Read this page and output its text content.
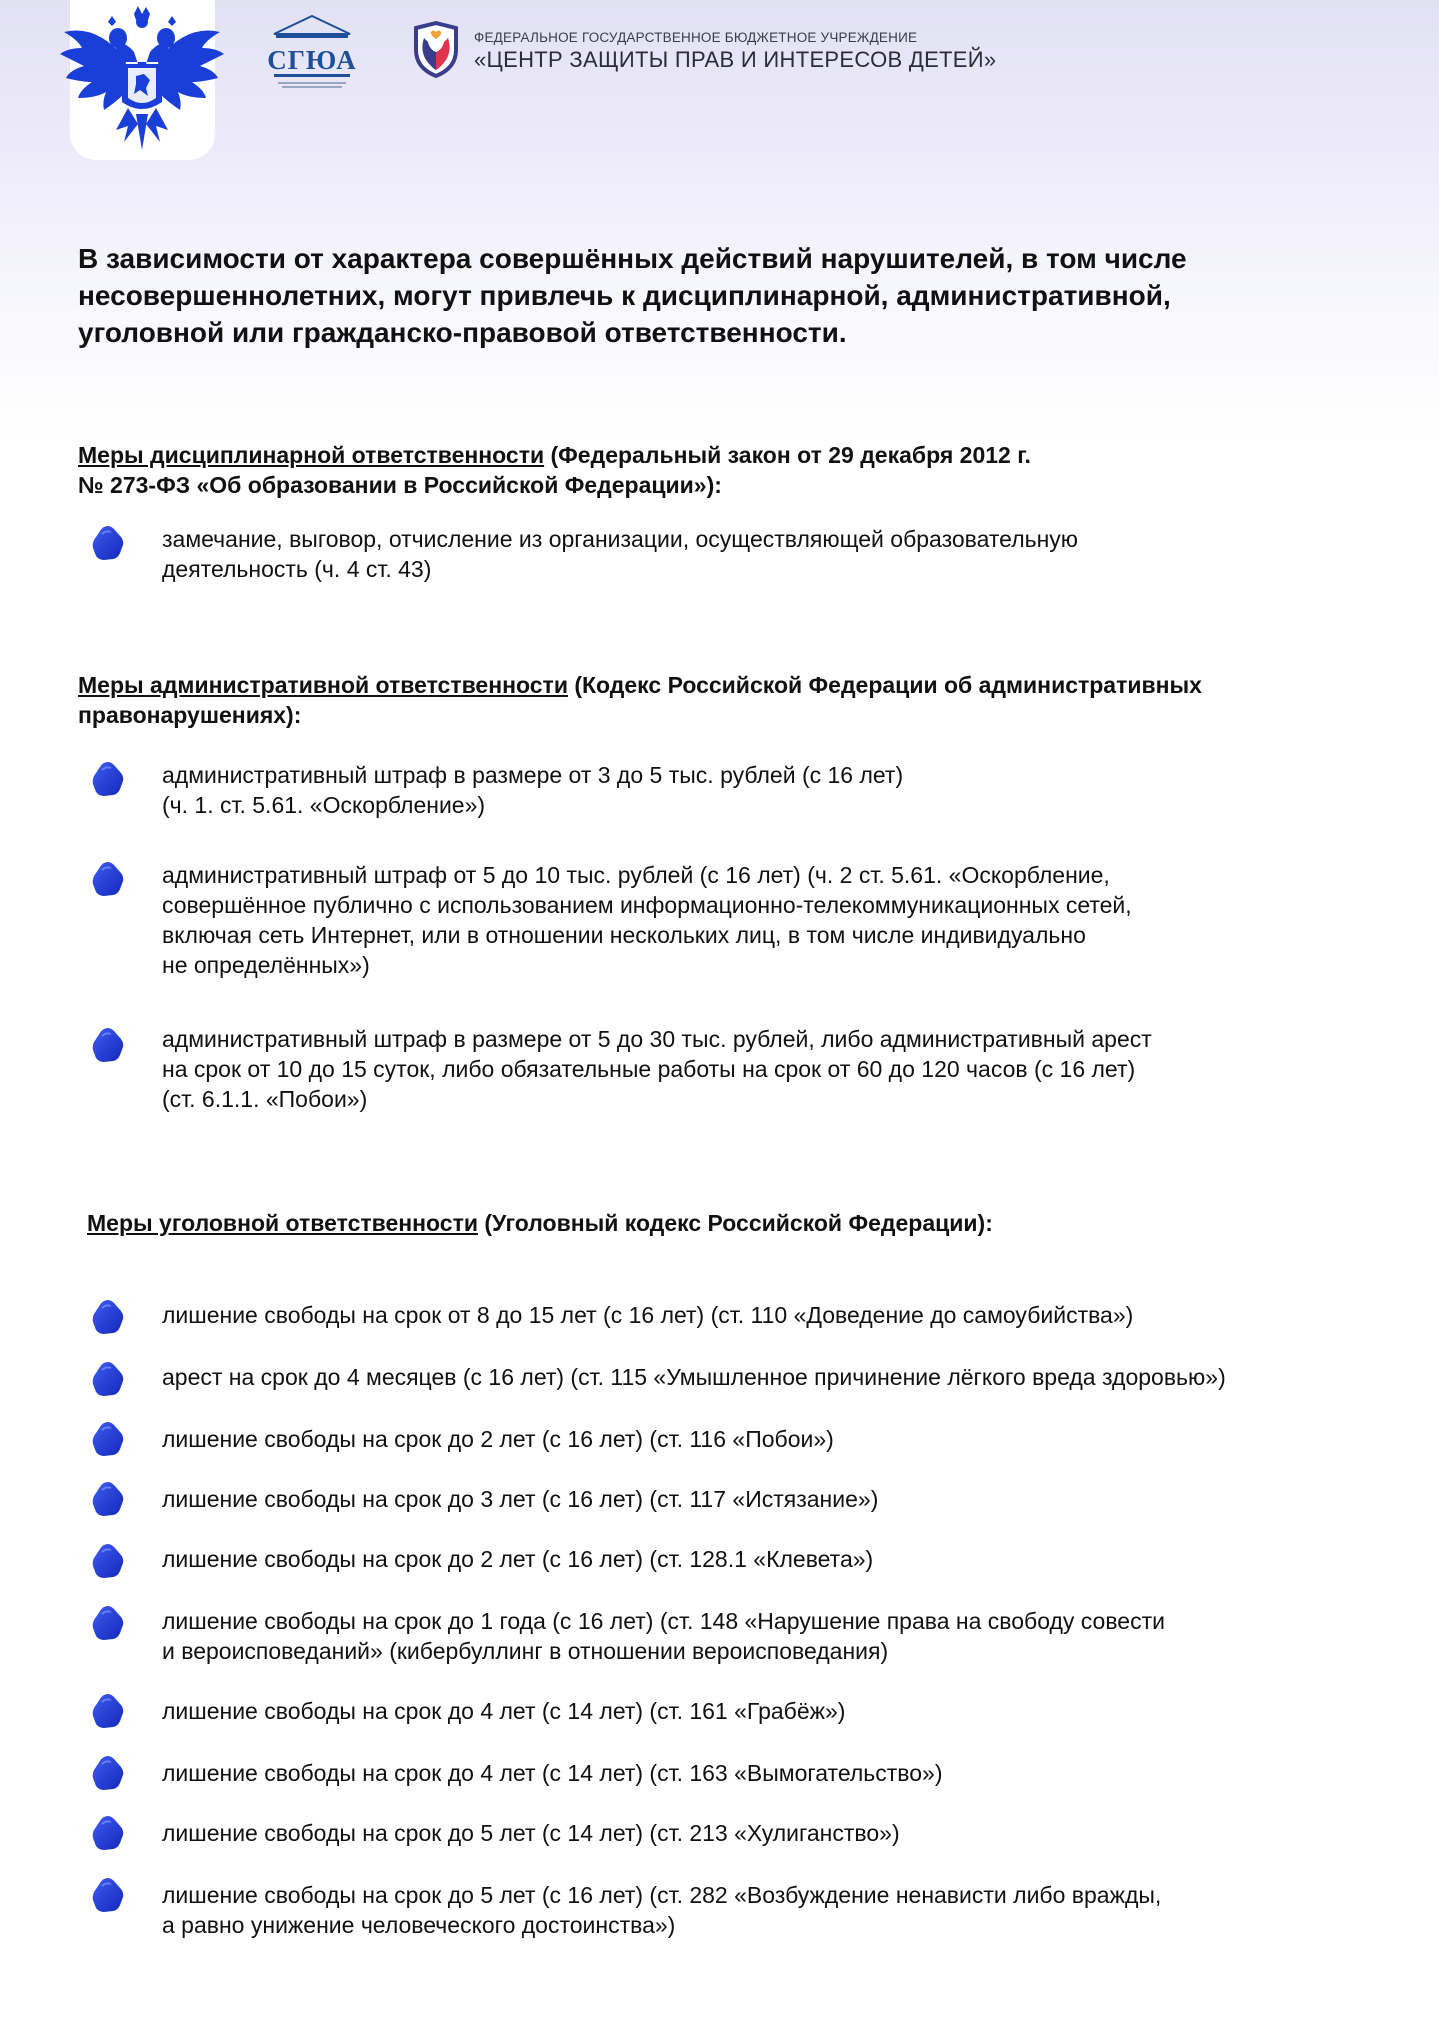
СГЮА
ФЕДЕРАЛЬНОЕ ГОСУДАРСТВЕННОЕ БЮДЖЕТНОЕ УЧРЕЖДЕНИЕ
«ЦЕНТР ЗАЩИТЫ ПРАВ И ИНТЕРЕСОВ ДЕТЕЙ»
В зависимости от характера совершённых действий нарушителей, в том числе
несовершеннолетних, могут привлечь к дисциплинарной, административной,
уголовной или гражданско-правовой ответственности.
Меры дисциплинарной ответственности (Федеральный закон от 29 декабря 2012 г.
№ 273-ФЗ «Об образовании в Российской Федерации»):
замечание, выговор, отчисление из организации, осуществляющей образовательную
деятельность (ч. 4 ст. 43)
Меры административной ответственности (Кодекс Российской Федерации об административных
правонарушениях):
административный штраф в размере от 3 до 5 тыс. рублей (с 16 лет)
(ч. 1. ст. 5.61. «Оскорбление»)
административный штраф от 5 до 10 тыс. рублей (с 16 лет) (ч. 2 ст. 5.61. «Оскорбление,
совершённое публично с использованием информационно-телекоммуникационных сетей,
включая сеть Интернет, или в отношении нескольких лиц, в том числе индивидуально
не определённых»)
административный штраф в размере от 5 до 30 тыс. рублей, либо административный арест
на срок от 10 до 15 суток, либо обязательные работы на срок от 60 до 120 часов (с 16 лет)
(ст. 6.1.1. «Побои»)
Меры уголовной ответственности (Уголовный кодекс Российской Федерации):
лишение свободы на срок от 8 до 15 лет (с 16 лет) (ст. 110 «Доведение до самоубийства»)
арест на срок до 4 месяцев (с 16 лет) (ст. 115 «Умышленное причинение лёгкого вреда здоровью»)
лишение свободы на срок до 2 лет (с 16 лет) (ст. 116 «Побои»)
лишение свободы на срок до 3 лет (с 16 лет) (ст. 117 «Истязание»)
лишение свободы на срок до 2 лет (с 16 лет) (ст. 128.1 «Клевета»)
лишение свободы на срок до 1 года (с 16 лет) (ст. 148 «Нарушение права на свободу совести
и вероисповеданий» (кибербуллинг в отношении вероисповедания)
лишение свободы на срок до 4 лет (с 14 лет) (ст. 161 «Грабёж»)
лишение свободы на срок до 4 лет (с 14 лет) (ст. 163 «Вымогательство»)
лишение свободы на срок до 5 лет (с 14 лет) (ст. 213 «Хулиганство»)
лишение свободы на срок до 5 лет (с 16 лет) (ст. 282 «Возбуждение ненависти либо вражды,
а равно унижение человеческого достоинства»)
